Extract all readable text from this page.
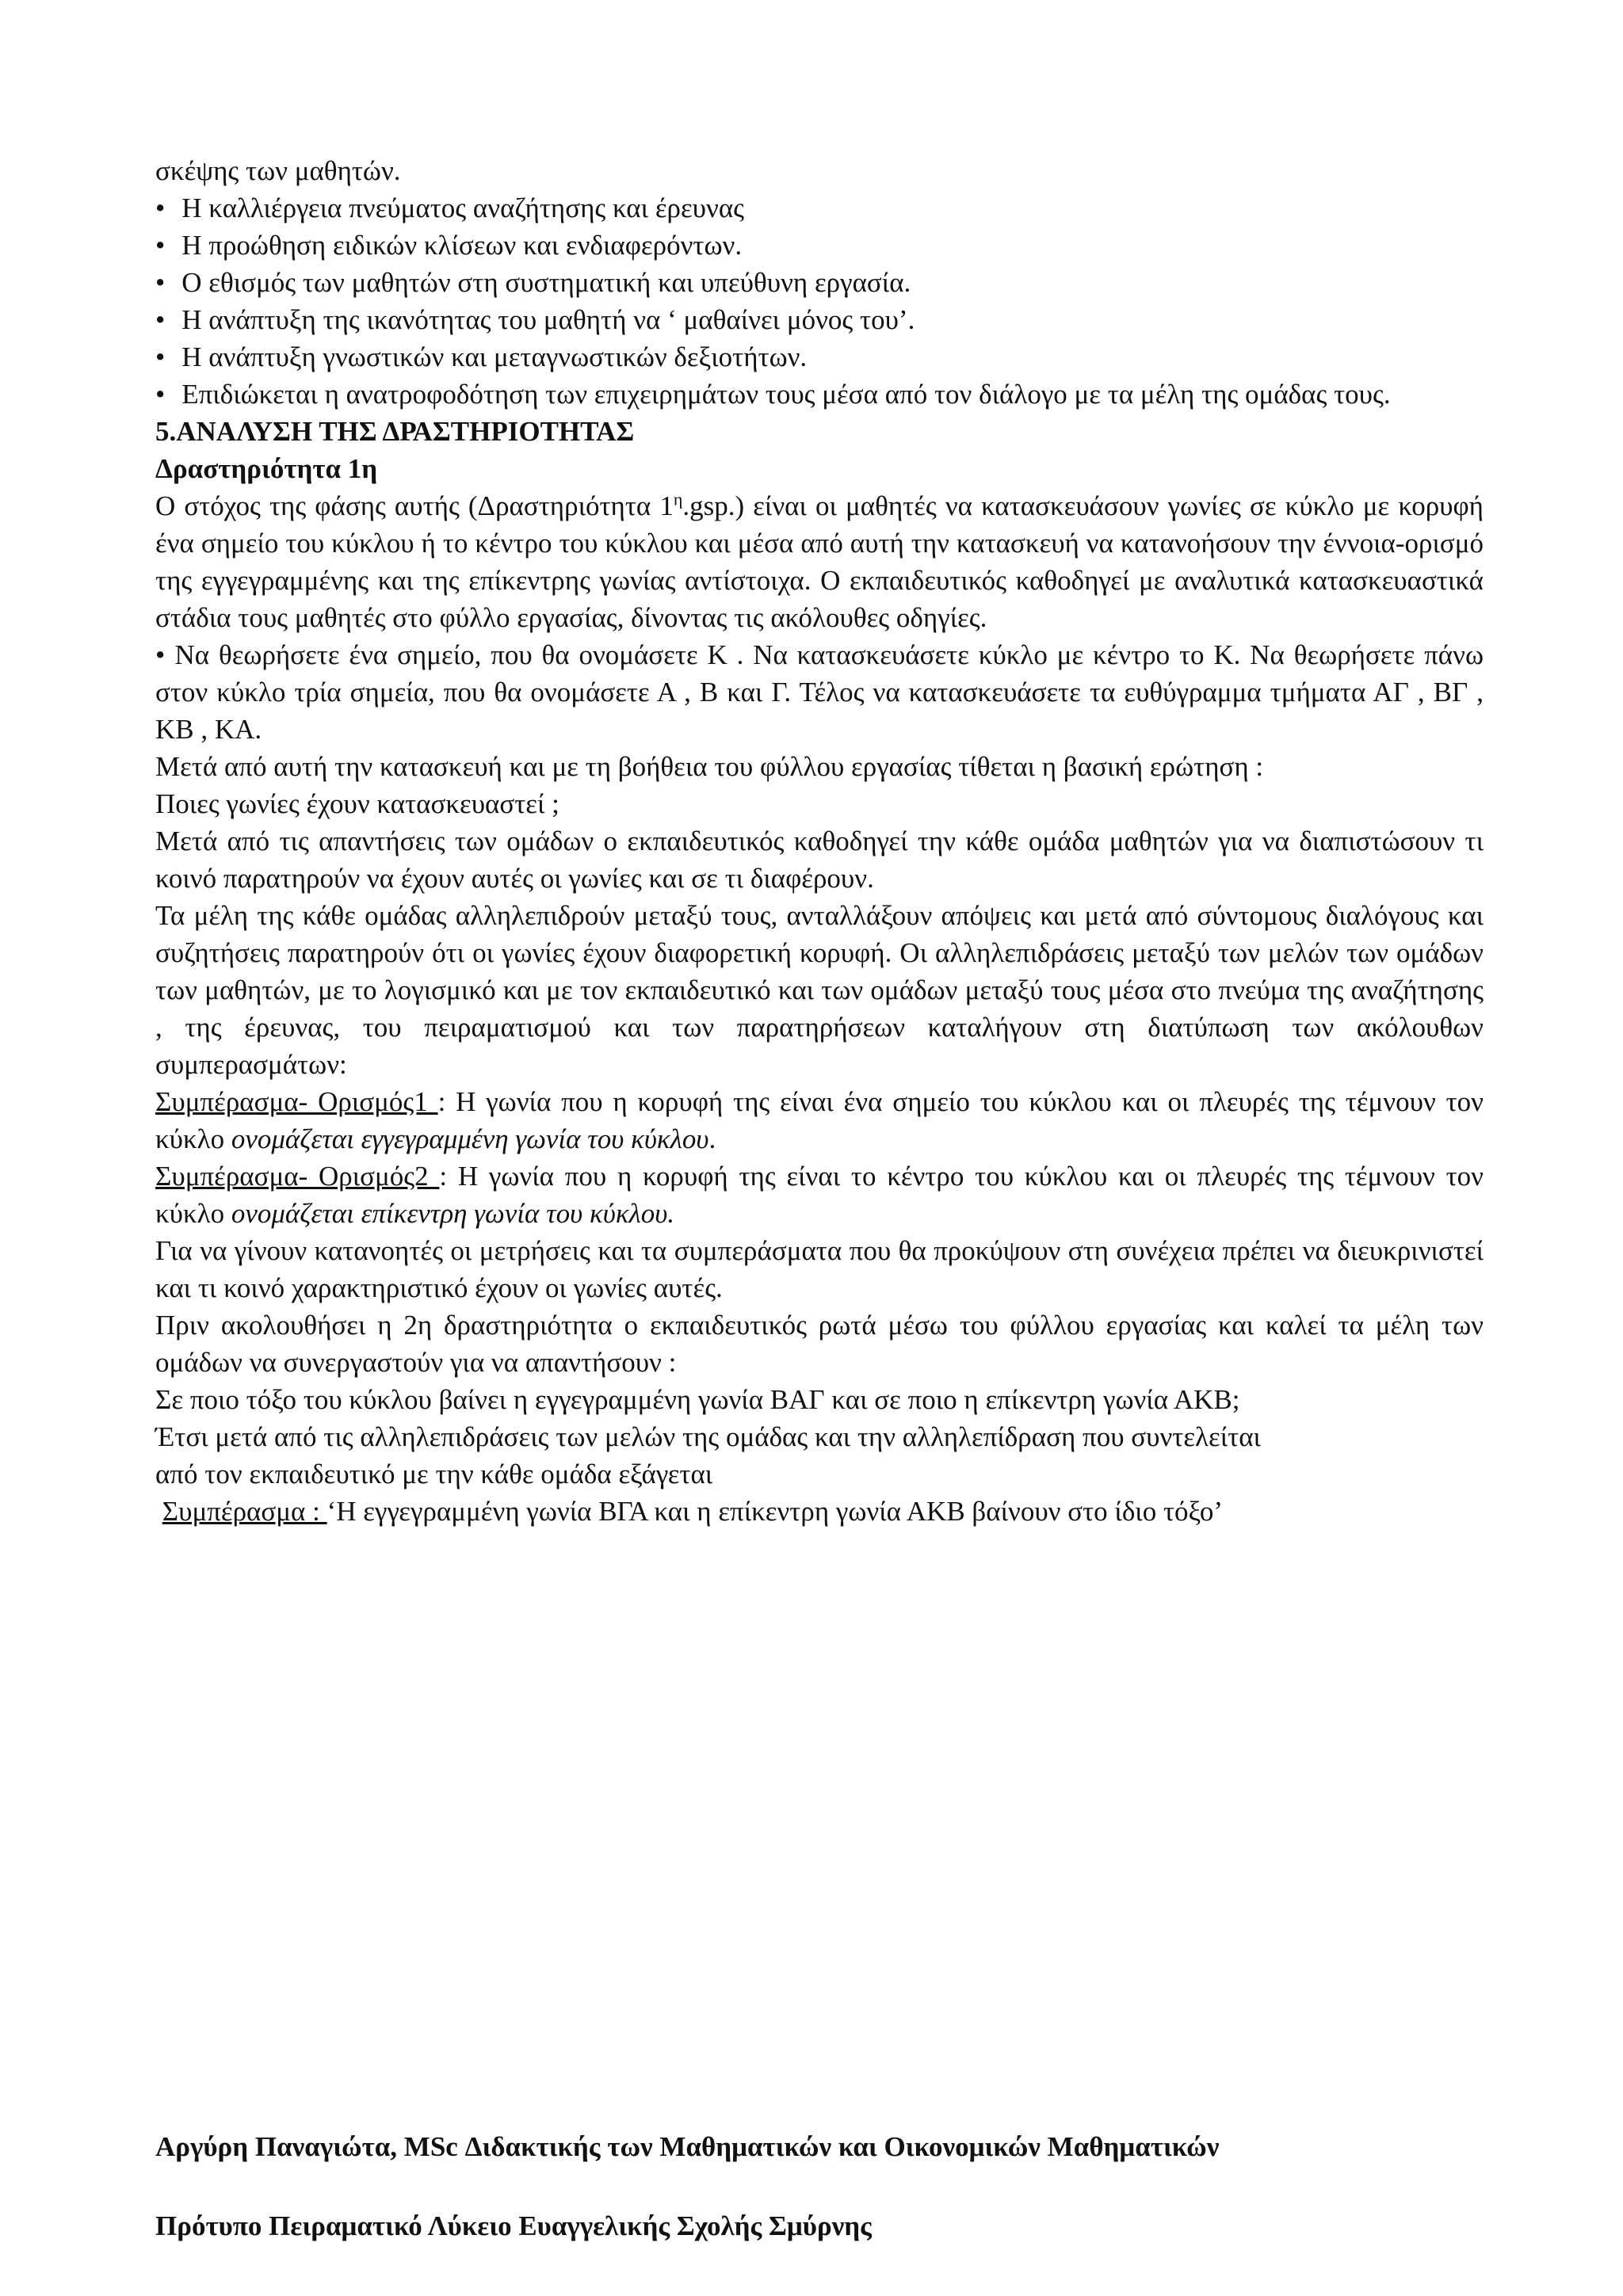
σκέψης των μαθητών.

• Η καλλιέργεια πνεύματος αναζήτησης και έρευνας

• Η προώθηση ειδικών κλίσεων και ενδιαφερόντων.

• Ο εθισμός των μαθητών στη συστηματική και υπεύθυνη εργασία.

• Η ανάπτυξη της ικανότητας του μαθητή να ‘ μαθαίνει μόνος του’.

• Η ανάπτυξη γνωστικών και μεταγνωστικών δεξιοτήτων.

• Επιδιώκεται η ανατροφοδότηση των επιχειρημάτων τους μέσα από τον διάλογο με τα μέλη της ομάδας τους.

5.ΑΝΑΛΥΣΗ ΤΗΣ ΔΡΑΣΤΗΡΙΟΤΗΤΑΣ

Δραστηριότητα 1η

Ο στόχος της φάσης αυτής (Δραστηριότητα $1^\eta.gsp$.) είναι οι μαθητές να κατασκευάσουν γωνίες σε κύκλο με κορυφή ένα σημείο του κύκλου ή το κέντρο του κύκλου και μέσα από αυτή την κατασκευή να κατανοήσουν την έννοια-ορισμό της εγγεγραμμένης και της επίκεντρης γωνίας αντίστοιχα. Ο εκπαιδευτικός καθοδηγεί με αναλυτικά κατασκευαστικά στάδια τους μαθητές στο φύλλο εργασίας, δίνοντας τις ακόλουθες οδηγίες.

• Να θεωρήσετε ένα σημείο, που θα ονομάσετε Κ . Να κατασκευάσετε κύκλο με κέντρο το Κ. Να θεωρήσετε πάνω στον κύκλο τρία σημεία, που θα ονομάσετε Α , Β και Γ. Τέλος να κατασκευάσετε τα ευθύγραμμα τμήματα ΑΓ , ΒΓ , ΚΒ , ΚΑ.

Μετά από αυτή την κατασκευή και με τη βοήθεια του φύλλου εργασίας τίθεται η βασική ερώτηση :

Ποιες γωνίες έχουν κατασκευαστεί ;

Μετά από τις απαντήσεις των ομάδων ο εκπαιδευτικός καθοδηγεί την κάθε ομάδα μαθητών για να διαπιστώσουν τι κοινό παρατηρούν να έχουν αυτές οι γωνίες και σε τι διαφέρουν.

Τα μέλη της κάθε ομάδας αλληλεπιδρούν μεταξύ τους, ανταλλάξουν απόψεις και μετά από σύντομους διαλόγους και συζητήσεις παρατηρούν ότι οι γωνίες έχουν διαφορετική κορυφή. Οι αλληλεπιδράσεις μεταξύ των μελών των ομάδων των μαθητών, με το λογισμικό και με τον εκπαιδευτικό και των ομάδων μεταξύ τους μέσα στο πνεύμα της αναζήτησης , της έρευνας, του πειραματισμού και των παρατηρήσεων καταλήγουν στη διατύπωση των ακόλουθων συμπερασμάτων:

Συμπέρασμα- Ορισμός1 : Η γωνία που η κορυφή της είναι ένα σημείο του κύκλου και οι πλευρές της τέμνουν τον κύκλο ονομάζεται εγγεγραμμένη γωνία του κύκλου.

Συμπέρασμα- Ορισμός2 : Η γωνία που η κορυφή της είναι το κέντρο του κύκλου και οι πλευρές της τέμνουν τον κύκλο ονομάζεται επίκεντρη γωνία του κύκλου.

Για να γίνουν κατανοητές οι μετρήσεις και τα συμπεράσματα που θα προκύψουν στη συνέχεια πρέπει να διευκρινιστεί και τι κοινό χαρακτηριστικό έχουν οι γωνίες αυτές.

Πριν ακολουθήσει η 2η δραστηριότητα ο εκπαιδευτικός ρωτά μέσω του φύλλου εργασίας και καλεί τα μέλη των ομάδων να συνεργαστούν για να απαντήσουν :

Σε ποιο τόξο του κύκλου βαίνει η εγγεγραμμένη γωνία ΒΑΓ και σε ποιο η επίκεντρη γωνία ΑΚΒ;

Έτσι μετά από τις αλληλεπιδράσεις των μελών της ομάδας και την αλληλεπίδραση που συντελείται

από τον εκπαιδευτικό με την κάθε ομάδα εξάγεται

Συμπέρασμα : ‘Η εγγεγραμμένη γωνία ΒΓΑ και η επίκεντρη γωνία ΑΚΒ βαίνουν στο ίδιο τόξο’

Αργύρη Παναγιώτα, MSc Διδακτικής των Μαθηματικών και Οικονομικών Μαθηματικών
Πρότυπο Πειραματικό Λύκειο Ευαγγελικής Σχολής Σμύρνης
